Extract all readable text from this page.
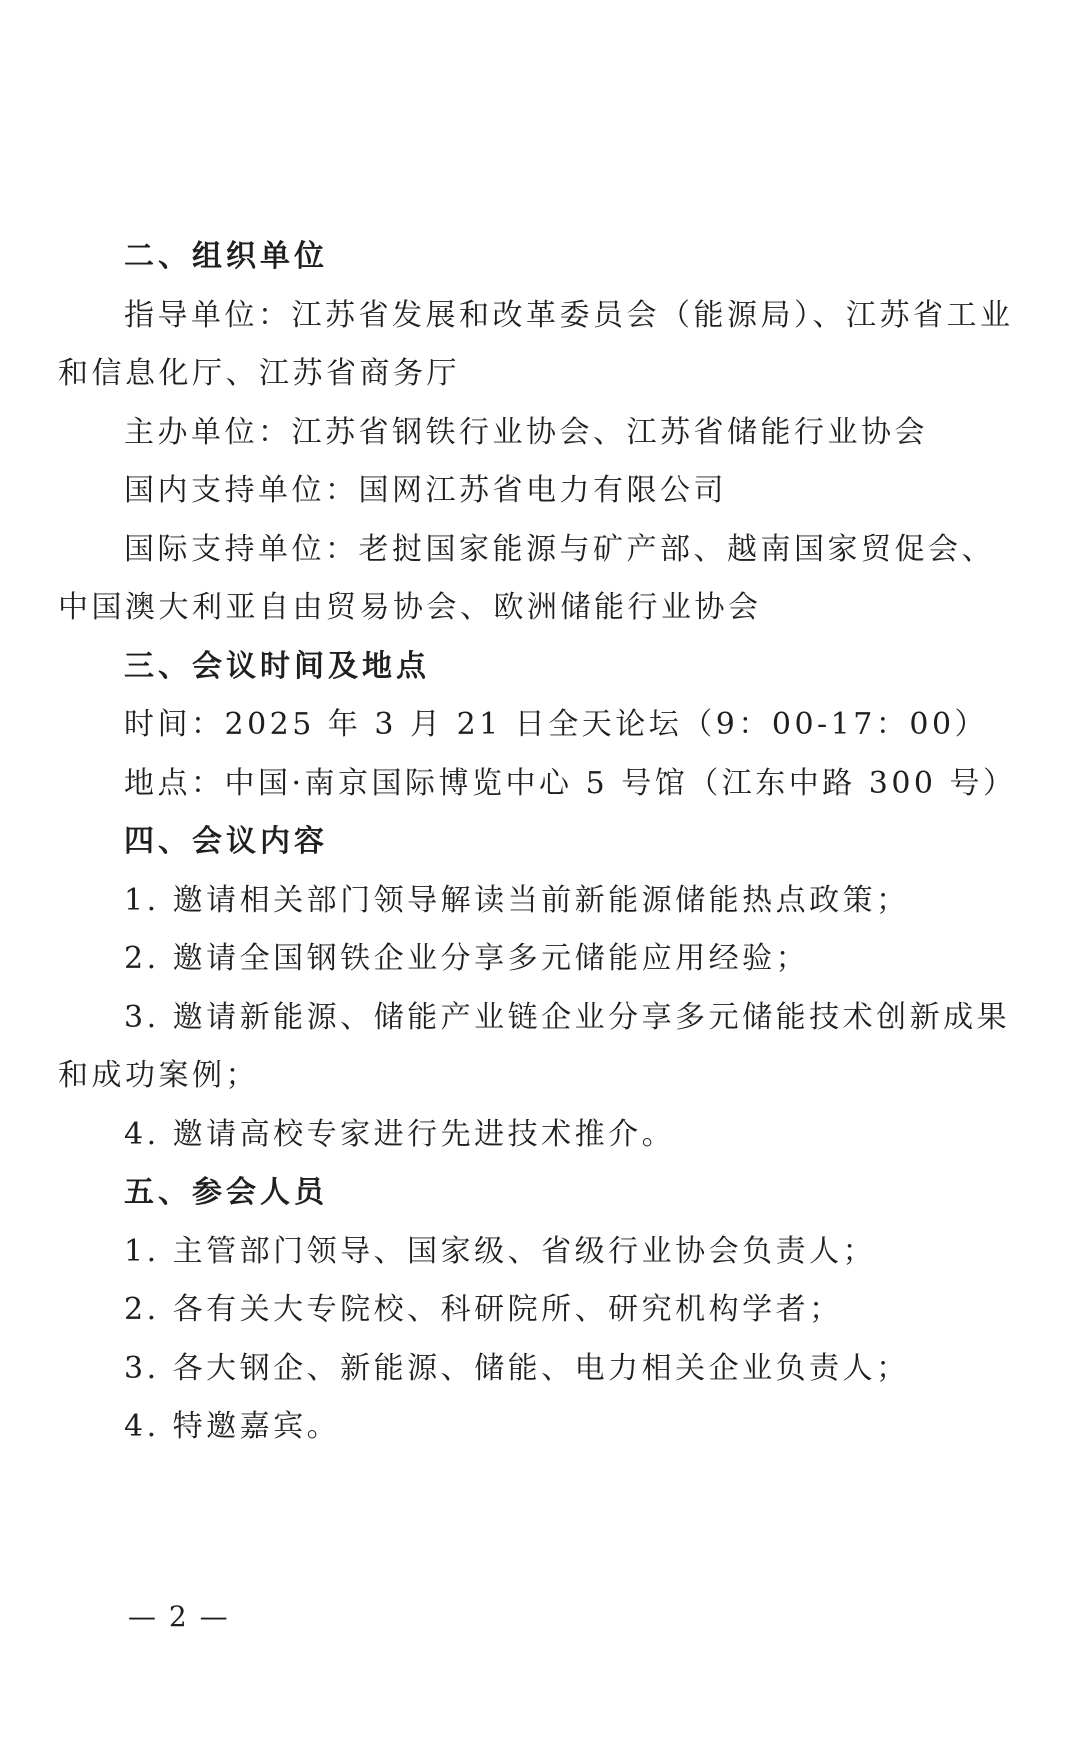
二、组织单位

指导单位：江苏省发展和改革委员会（能源局）、江苏省工业

和信息化厅、江苏省商务厅

主办单位：江苏省钢铁行业协会、江苏省储能行业协会

国内支持单位：国网江苏省电力有限公司

国际支持单位：老挝国家能源与矿产部、越南国家贸促会、

中国澳大利亚自由贸易协会、欧洲储能行业协会

三、会议时间及地点

时间：2025 年 3 月 21 日全天论坛（9：00-17：00）

地点：中国·南京国际博览中心 5 号馆（江东中路 300 号）

四、会议内容

1. 邀请相关部门领导解读当前新能源储能热点政策；

2. 邀请全国钢铁企业分享多元储能应用经验；

3. 邀请新能源、储能产业链企业分享多元储能技术创新成果

和成功案例；

4. 邀请高校专家进行先进技术推介。

五、参会人员

1. 主管部门领导、国家级、省级行业协会负责人；

2. 各有关大专院校、科研院所、研究机构学者；

3. 各大钢企、新能源、储能、电力相关企业负责人；

4. 特邀嘉宾。

— 2 —
